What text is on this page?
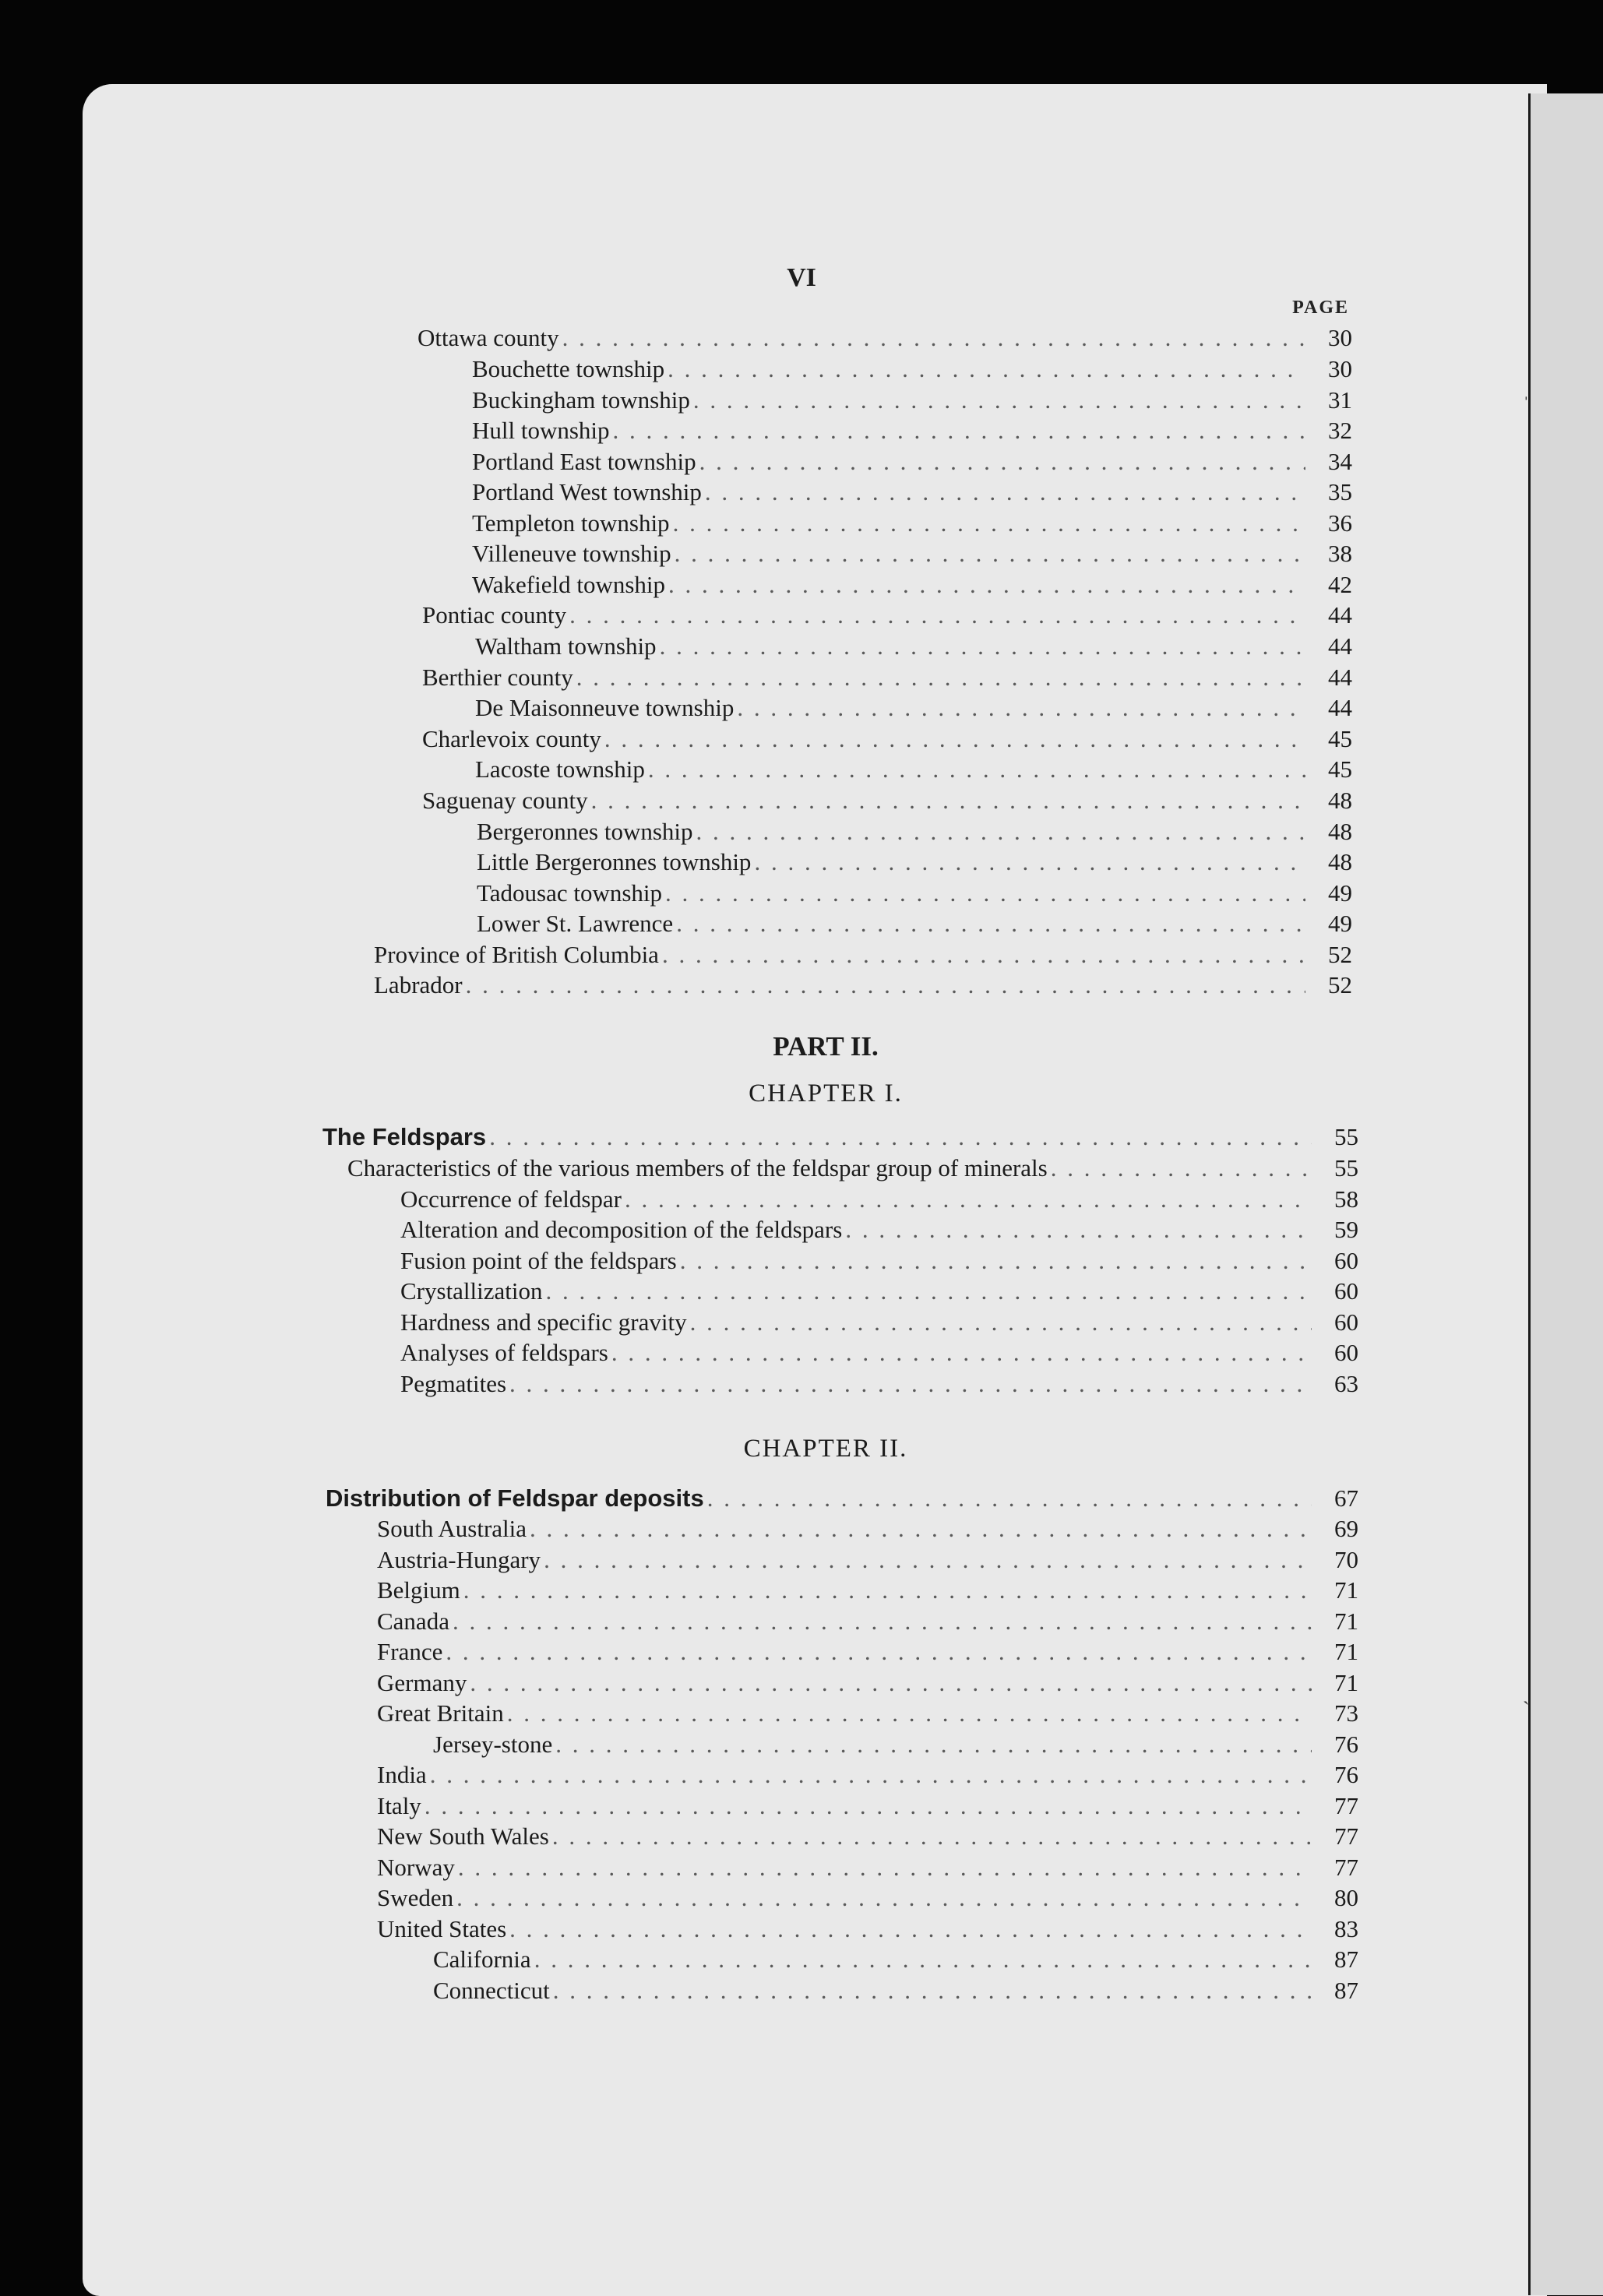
ˌ
ˏ
VI
PAGE
Ottawa county . . .	30
Bouchette township . . .	30
Buckingham township . . .	31
Hull township . . .	32
Portland East township . . .	34
Portland West township . . .	35
Templeton township . . .	36
Villeneuve township . . .	38
Wakefield township . . .	42
Pontiac county . . .	44
Waltham township . . .	44
Berthier county . . .	44
De Maisonneuve township . . .	44
Charlevoix county . . .	45
Lacoste township . . .	45
Saguenay county . . .	48
Bergeronnes township . . .	48
Little Bergeronnes township . . .	48
Tadousac township . . .	49
Lower St. Lawrence . . .	49
Province of British Columbia . . .	52
Labrador . . .	52
PART II.
CHAPTER I.
The Feldspars . . .	55
Characteristics of the various members of the feldspar group of minerals . . .	55
Occurrence of feldspar . . .	58
Alteration and decomposition of the feldspars . . .	59
Fusion point of the feldspars . . .	60
Crystallization . . .	60
Hardness and specific gravity . . .	60
Analyses of feldspars . . .	60
Pegmatites . . .	63
CHAPTER II.
Distribution of Feldspar deposits . . .	67
South Australia . . .	69
Austria-Hungary . . .	70
Belgium . . .	71
Canada . . .	71
France . . .	71
Germany . . .	71
Great Britain . . .	73
Jersey-stone . . .	76
India . . .	76
Italy . . .	77
New South Wales . . .	77
Norway . . .	77
Sweden . . .	80
United States . . .	83
California . . .	87
Connecticut . . .	87
